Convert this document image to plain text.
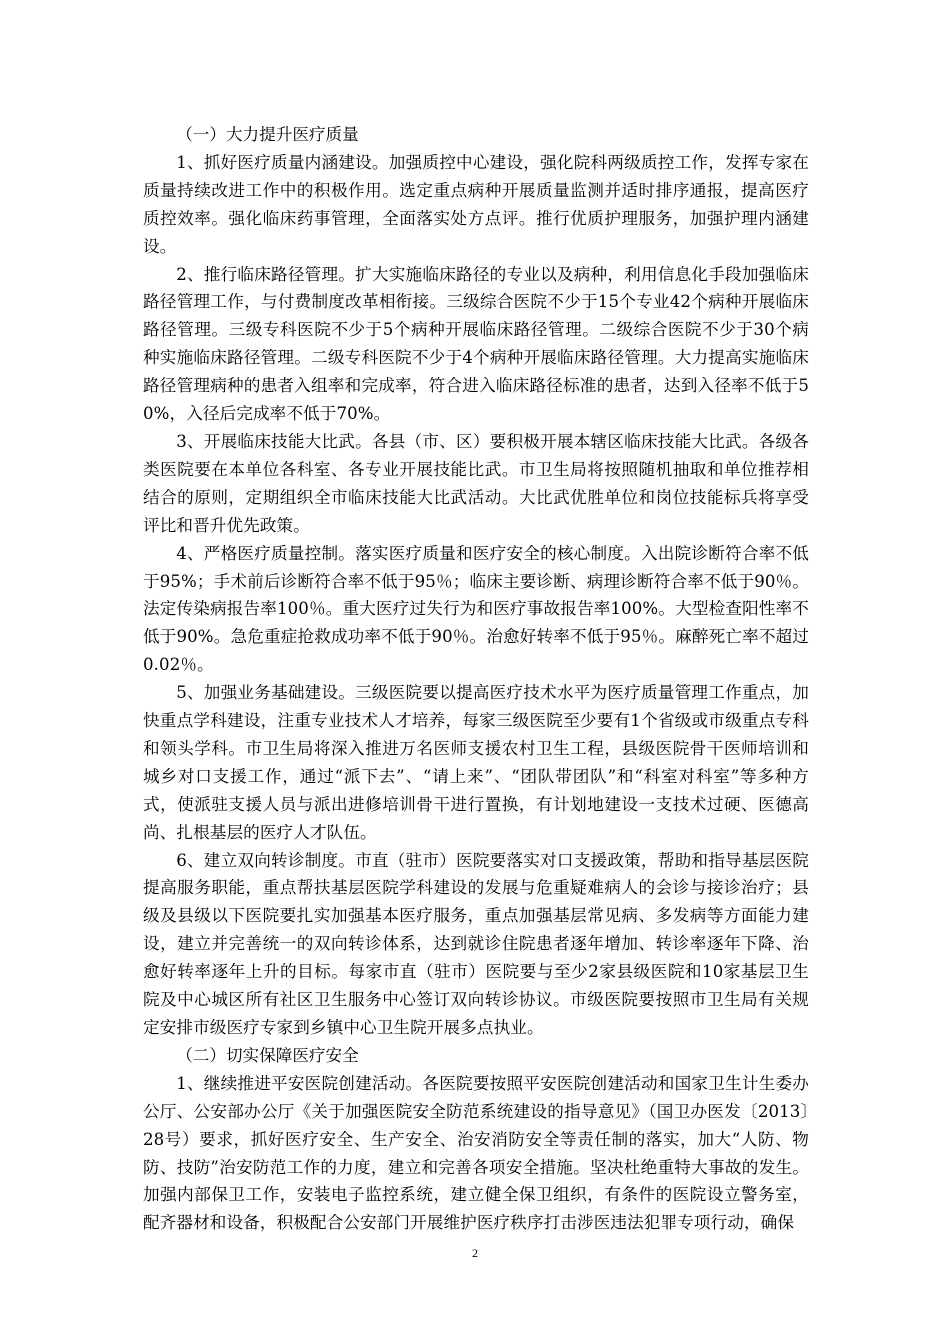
（一）大力提升医疗质量

1、抓好医疗质量内涵建设。加强质控中心建设，强化院科两级质控工作，发挥专家在质量持续改进工作中的积极作用。选定重点病种开展质量监测并适时排序通报，提高医疗质控效率。强化临床药事管理，全面落实处方点评。推行优质护理服务，加强护理内涵建设。

2、推行临床路径管理。扩大实施临床路径的专业以及病种，利用信息化手段加强临床路径管理工作，与付费制度改革相衔接。三级综合医院不少于15个专业42个病种开展临床路径管理。三级专科医院不少于5个病种开展临床路径管理。二级综合医院不少于30个病种实施临床路径管理。二级专科医院不少于4个病种开展临床路径管理。大力提高实施临床路径管理病种的患者入组率和完成率，符合进入临床路径标准的患者，达到入径率不低于50%，入径后完成率不低于70%。

3、开展临床技能大比武。各县（市、区）要积极开展本辖区临床技能大比武。各级各类医院要在本单位各科室、各专业开展技能比武。市卫生局将按照随机抽取和单位推荐相结合的原则，定期组织全市临床技能大比武活动。大比武优胜单位和岗位技能标兵将享受评比和晋升优先政策。

4、严格医疗质量控制。落实医疗质量和医疗安全的核心制度。入出院诊断符合率不低于95%；手术前后诊断符合率不低于95％；临床主要诊断、病理诊断符合率不低于90％。法定传染病报告率100％。重大医疗过失行为和医疗事故报告率100%。大型检查阳性率不低于90%。急危重症抢救成功率不低于90％。治愈好转率不低于95％。麻醉死亡率不超过0.02％。

5、加强业务基础建设。三级医院要以提高医疗技术水平为医疗质量管理工作重点，加快重点学科建设，注重专业技术人才培养，每家三级医院至少要有1个省级或市级重点专科和领头学科。市卫生局将深入推进万名医师支援农村卫生工程，县级医院骨干医师培训和城乡对口支援工作，通过“派下去”、“请上来”、“团队带团队”和“科室对科室”等多种方式，使派驻支援人员与派出进修培训骨干进行置换，有计划地建设一支技术过硬、医德高尚、扎根基层的医疗人才队伍。

6、建立双向转诊制度。市直（驻市）医院要落实对口支援政策，帮助和指导基层医院提高服务职能，重点帮扶基层医院学科建设的发展与危重疑难病人的会诊与接诊治疗；县级及县级以下医院要扎实加强基本医疗服务，重点加强基层常见病、多发病等方面能力建设，建立并完善统一的双向转诊体系，达到就诊住院患者逐年增加、转诊率逐年下降、治愈好转率逐年上升的目标。每家市直（驻市）医院要与至少2家县级医院和10家基层卫生院及中心城区所有社区卫生服务中心签订双向转诊协议。市级医院要按照市卫生局有关规定安排市级医疗专家到乡镇中心卫生院开展多点执业。

（二）切实保障医疗安全

1、继续推进平安医院创建活动。各医院要按照平安医院创建活动和国家卫生计生委办公厅、公安部办公厅《关于加强医院安全防范系统建设的指导意见》（国卫办医发〔2013〕28号）要求，抓好医疗安全、生产安全、治安消防安全等责任制的落实，加大“人防、物防、技防”治安防范工作的力度，建立和完善各项安全措施。坚决杜绝重特大事故的发生。加强内部保卫工作，安装电子监控系统，建立健全保卫组织，有条件的医院设立警务室，配齐器材和设备，积极配合公安部门开展维护医疗秩序打击涉医违法犯罪专项行动，确保

2
